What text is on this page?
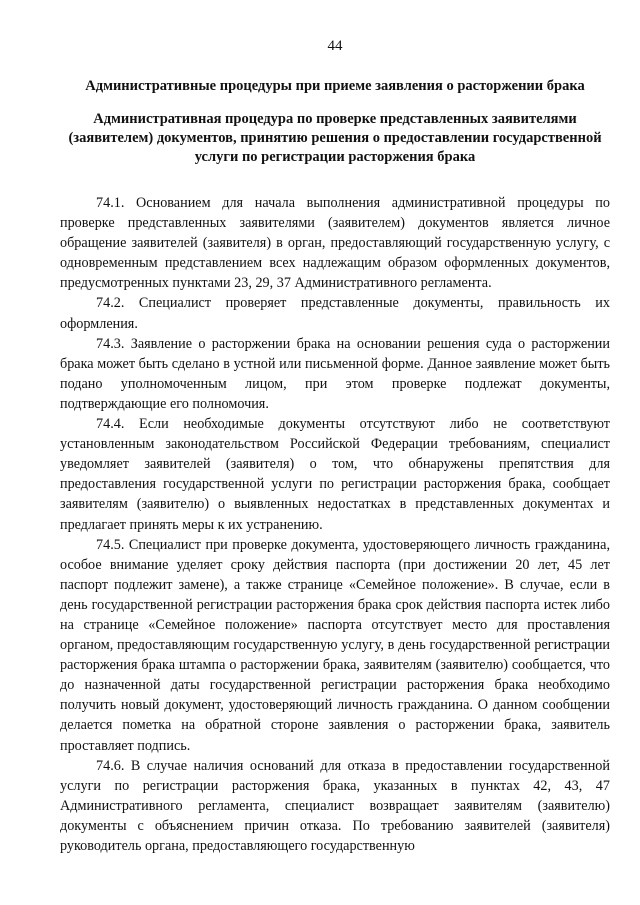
44
Административные процедуры при приеме заявления о расторжении брака
Административная процедура по проверке представленных заявителями (заявителем) документов, принятию решения о предоставлении государственной услуги по регистрации расторжения брака

74.1. Основанием для начала выполнения административной процедуры по проверке представленных заявителями (заявителем) документов является личное обращение заявителей (заявителя) в орган, предоставляющий государственную услугу, с одновременным представлением всех надлежащим образом оформленных документов, предусмотренных пунктами 23, 29, 37 Административного регламента.

74.2. Специалист проверяет представленные документы, правильность их оформления.

74.3. Заявление о расторжении брака на основании решения суда о расторжении брака может быть сделано в устной или письменной форме. Данное заявление может быть подано уполномоченным лицом, при этом проверке подлежат документы, подтверждающие его полномочия.

74.4. Если необходимые документы отсутствуют либо не соответствуют установленным законодательством Российской Федерации требованиям, специалист уведомляет заявителей (заявителя) о том, что обнаружены препятствия для предоставления государственной услуги по регистрации расторжения брака, сообщает заявителям (заявителю) о выявленных недостатках в представленных документах и предлагает принять меры к их устранению.

74.5. Специалист при проверке документа, удостоверяющего личность гражданина, особое внимание уделяет сроку действия паспорта (при достижении 20 лет, 45 лет паспорт подлежит замене), а также странице «Семейное положение». В случае, если в день государственной регистрации расторжения брака срок действия паспорта истек либо на странице «Семейное положение» паспорта отсутствует место для проставления органом, предоставляющим государственную услугу, в день государственной регистрации расторжения брака штампа о расторжении брака, заявителям (заявителю) сообщается, что до назначенной даты государственной регистрации расторжения брака необходимо получить новый документ, удостоверяющий личность гражданина. О данном сообщении делается пометка на обратной стороне заявления о расторжении брака, заявитель проставляет подпись.

74.6. В случае наличия оснований для отказа в предоставлении государственной услуги по регистрации расторжения брака, указанных в пунктах 42, 43, 47 Административного регламента, специалист возвращает заявителям (заявителю) документы с объяснением причин отказа. По требованию заявителей (заявителя) руководитель органа, предоставляющего государственную
